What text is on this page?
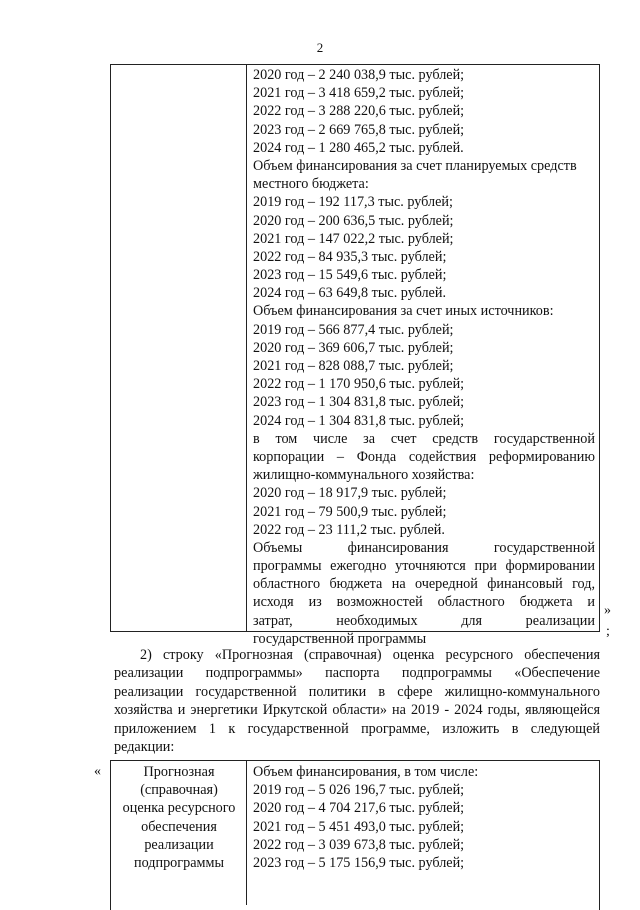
2
2020 год – 2 240 038,9 тыс. рублей;
2021 год – 3 418 659,2 тыс. рублей;
2022 год – 3 288 220,6 тыс. рублей;
2023 год – 2 669 765,8 тыс. рублей;
2024 год – 1 280 465,2 тыс. рублей.
Объем финансирования за счет планируемых средств
местного бюджета:
2019 год – 192 117,3 тыс. рублей;
2020 год – 200 636,5 тыс. рублей;
2021 год – 147 022,2 тыс. рублей;
2022 год – 84 935,3 тыс. рублей;
2023 год – 15 549,6 тыс. рублей;
2024 год – 63 649,8 тыс. рублей.
Объем финансирования за счет иных источников:
2019 год – 566 877,4 тыс. рублей;
2020 год – 369 606,7 тыс. рублей;
2021 год – 828 088,7 тыс. рублей;
2022 год – 1 170 950,6 тыс. рублей;
2023 год – 1 304 831,8 тыс. рублей;
2024 год – 1 304 831,8 тыс. рублей;
в том числе за счет средств государственной
корпорации – Фонда содействия реформированию
жилищно-коммунального хозяйства:
2020 год – 18 917,9 тыс. рублей;
2021 год – 79 500,9 тыс. рублей;
2022 год – 23 111,2 тыс. рублей.
Объемы финансирования государственной
программы ежегодно уточняются при формировании
областного бюджета на очередной финансовый год,
исходя из возможностей областного бюджета и
затрат, необходимых для реализации
государственной программы
»
;
2) строку «Прогнозная (справочная) оценка ресурсного обеспечения
реализации подпрограммы» паспорта подпрограммы «Обеспечение
реализации государственной политики в сфере жилищно-коммунального
хозяйства и энергетики Иркутской области» на 2019 - 2024 годы, являющейся
приложением 1 к государственной программе, изложить в следующей
редакции:
«	Прогнозная
(справочная)
оценка ресурсного
обеспечения
реализации
подпрограммы
Объем финансирования, в том числе:
2019 год – 5 026 196,7 тыс. рублей;
2020 год – 4 704 217,6 тыс. рублей;
2021 год – 5 451 493,0 тыс. рублей;
2022 год – 3 039 673,8 тыс. рублей;
2023 год – 5 175 156,9 тыс. рублей;
